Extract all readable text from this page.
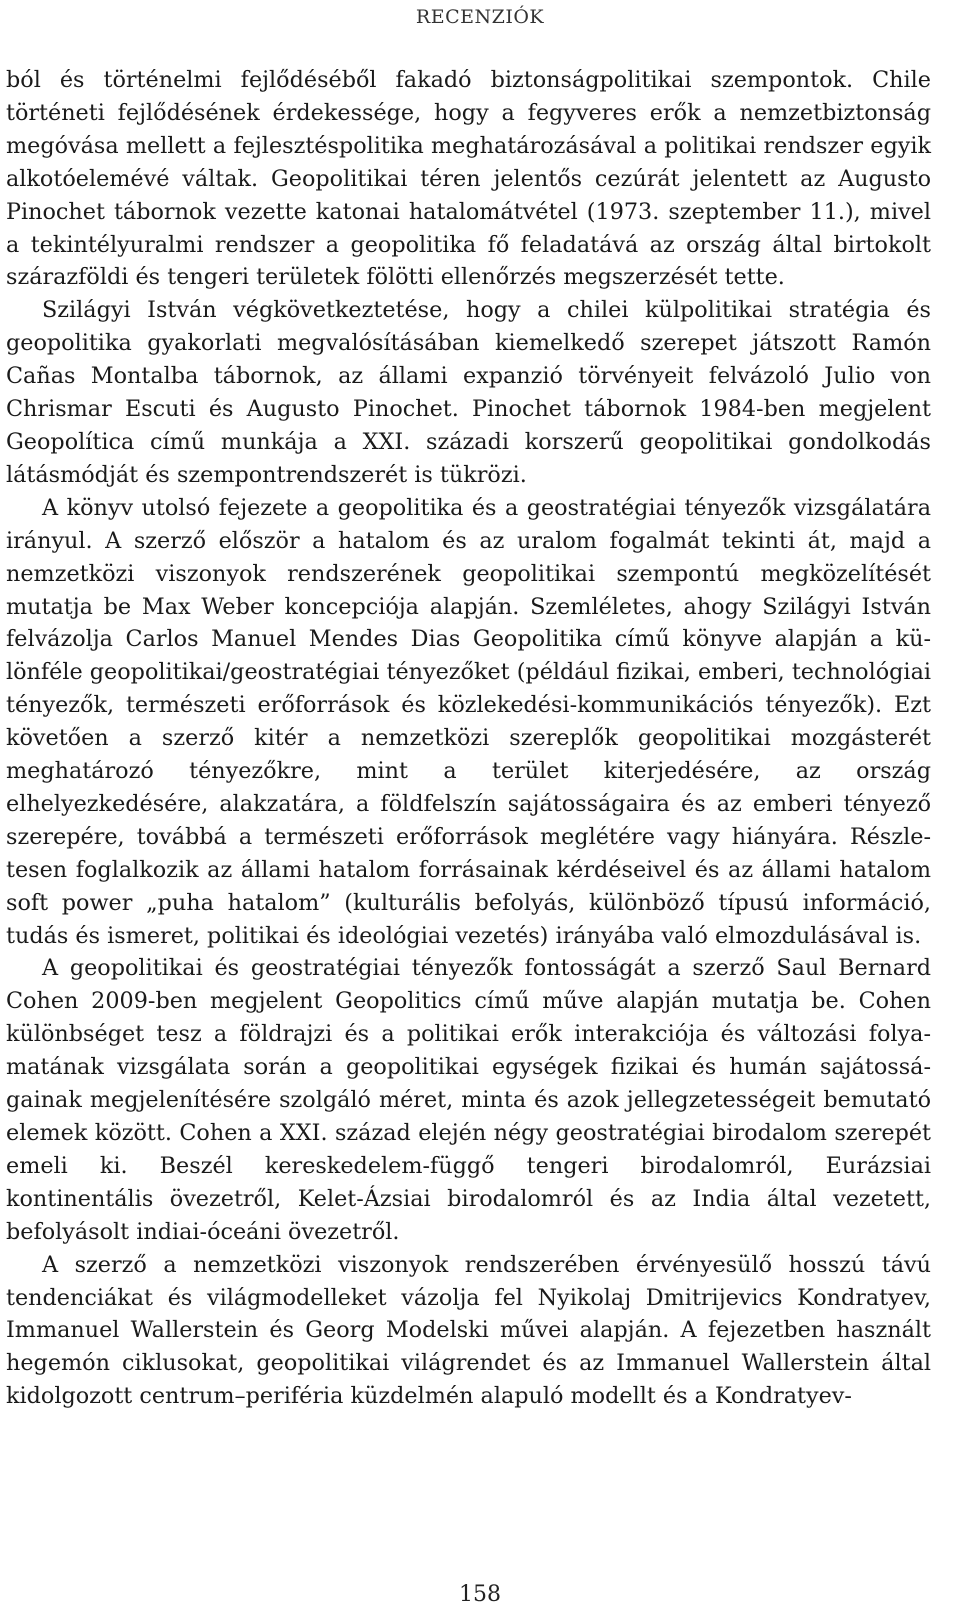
RECENZIÓK

ból és történelmi fejlődéséből fakadó biztonságpolitikai szempontok. Chile történeti fejlődésének érdekessége, hogy a fegyveres erők a nemzetbiztonság megóvása mellett a fejlesztéspolitika meghatározásával a politikai rendszer egyik alkotóelemévé váltak. Geopolitikai téren jelentős cezúrát jelentett az Augusto Pinochet tábornok vezette katonai hatalomátvétel (1973. szeptember 11.), mivel a tekintélyuralmi rendszer a geopolitika fő feladatává az ország által birtokolt szárazföldi és tengeri területek fölötti ellenőrzés megszerzését tette.

Szilágyi István végkövetkeztetése, hogy a chilei külpolitikai stratégia és geopolitika gyakorlati megvalósításában kiemelkedő szerepet játszott Ramón Cañas Montalba tábornok, az állami expanzió törvényeit felvázoló Julio von Chrismar Escuti és Augusto Pinochet. Pinochet tábornok 1984-ben megjelent Geopolítica című munkája a XXI. századi korszerű geopolitikai gondolkodás látásmódját és szempontrendszerét is tükrözi.

A könyv utolsó fejezete a geopolitika és a geostratégiai tényezők vizsgálatára irányul. A szerző először a hatalom és az uralom fogalmát tekinti át, majd a nemzetközi viszonyok rendszerének geopolitikai szempontú megközelítését mutatja be Max Weber koncepciója alapján. Szemléletes, ahogy Szilágyi István felvázolja Carlos Manuel Mendes Dias Geopolitika című könyve alapján a különféle geopolitikai/geostratégiai tényezőket (például fizikai, emberi, technológiai tényezők, természeti erőforrások és közlekedési-kommunikációs tényezők). Ezt követően a szerző kitér a nemzetközi szereplők geopolitikai mozgásterét meghatározó tényezőkre, mint a terület kiterjedésére, az ország elhelyezkedésére, alakzatára, a földfelszín sajátosságaira és az emberi tényező szerepére, továbbá a természeti erőforrások meglétére vagy hiányára. Részletesen foglalkozik az állami hatalom forrásainak kérdéseivel és az állami hatalom soft power „puha hatalom” (kulturális befolyás, különböző típusú információ, tudás és ismeret, politikai és ideológiai vezetés) irányába való elmozdulásával is.

A geopolitikai és geostratégiai tényezők fontosságát a szerző Saul Bernard Cohen 2009-ben megjelent Geopolitics című műve alapján mutatja be. Cohen különbséget tesz a földrajzi és a politikai erők interakciója és változási folyamatának vizsgálata során a geopolitikai egységek fizikai és humán sajátosságainak megjelenítésére szolgáló méret, minta és azok jellegzetességeit bemutató elemek között. Cohen a XXI. század elején négy geostratégiai birodalom szerepét emeli ki. Beszél kereskedelem-függő tengeri birodalomról, Eurázsiai kontinentális övezetről, Kelet-Ázsiai birodalomról és az India által vezetett, befolyásolt indiai-óceáni övezetről.

A szerző a nemzetközi viszonyok rendszerében érvényesülő hosszú távú tendenciákat és világmodelleket vázolja fel Nyikolaj Dmitrijevics Kondratyev, Immanuel Wallerstein és Georg Modelski művei alapján. A fejezetben használt hegemón ciklusokat, geopolitikai világrendet és az Immanuel Wallerstein által kidolgozott centrum–periféria küzdelmén alapuló modellt és a Kondratyev-

158
